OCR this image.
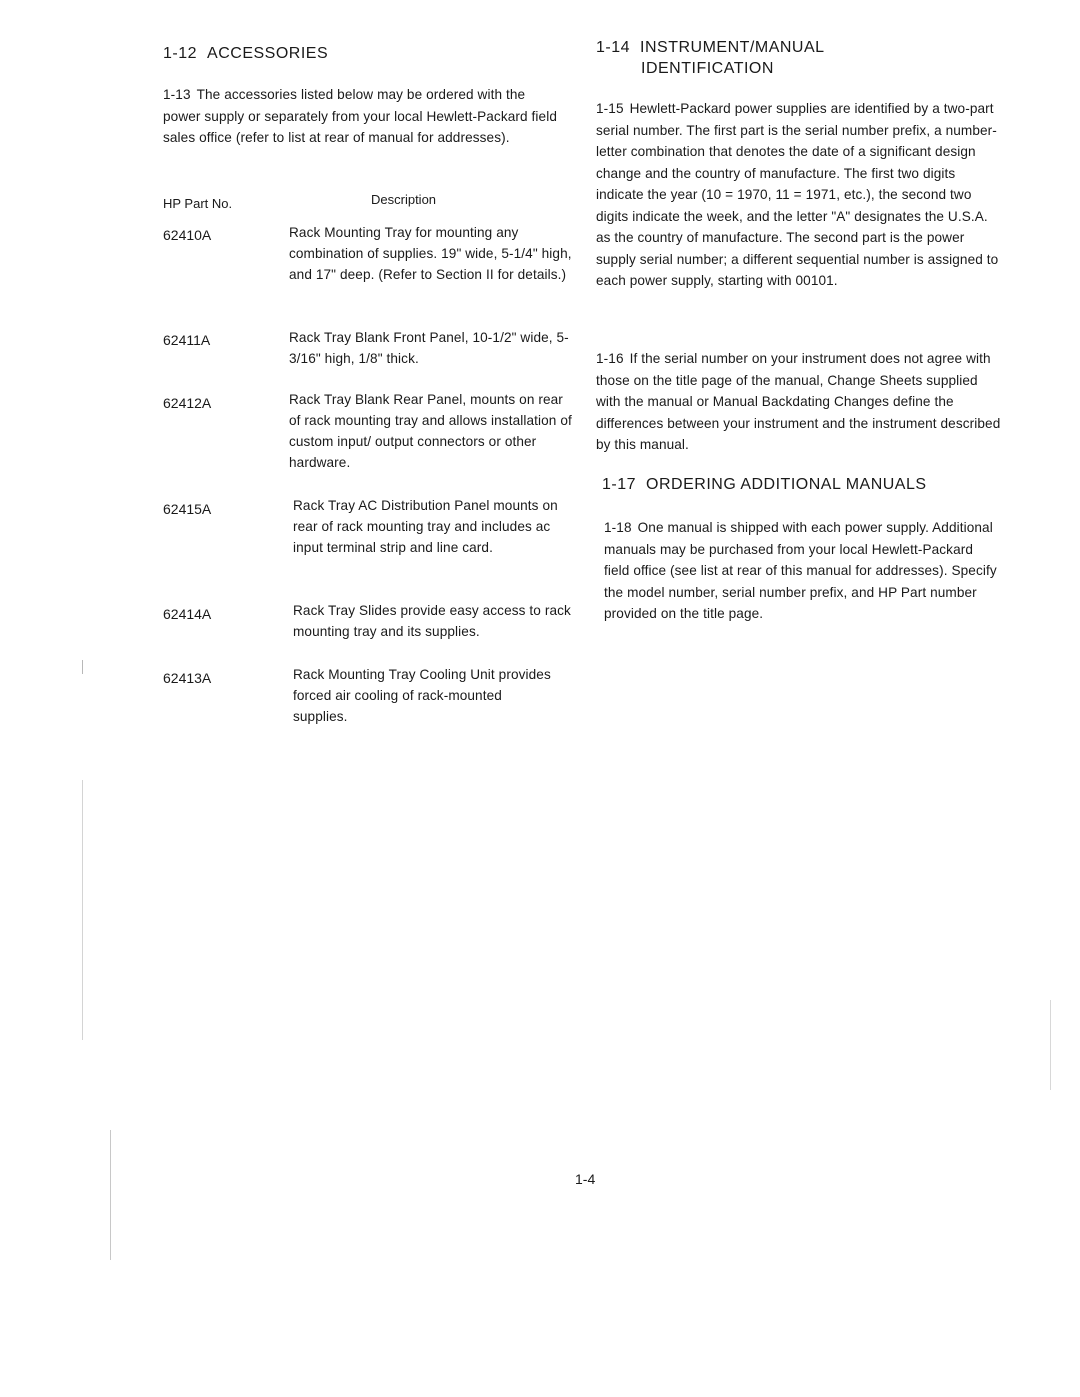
1-12 ACCESSORIES
1-13 The accessories listed below may be ordered with the power supply or separately from your local Hewlett-Packard field sales office (refer to list at rear of manual for addresses).
HP Part No.	Description
62410A	Rack Mounting Tray for mounting any combination of supplies. 19" wide, 5-1/4" high, and 17" deep. (Refer to Section II for details.)
62411A	Rack Tray Blank Front Panel, 10-1/2" wide, 5-3/16" high, 1/8" thick.
62412A	Rack Tray Blank Rear Panel, mounts on rear of rack mounting tray and allows installation of custom input/ output connectors or other hardware.
62415A	Rack Tray AC Distribution Panel mounts on rear of rack mounting tray and includes ac input terminal strip and line card.
62414A	Rack Tray Slides provide easy access to rack mounting tray and its supplies.
62413A	Rack Mounting Tray Cooling Unit provides forced air cooling of rack-mounted supplies.
1-14 INSTRUMENT/MANUAL
IDENTIFICATION
1-15 Hewlett-Packard power supplies are identified by a two-part serial number. The first part is the serial number prefix, a number-letter combination that denotes the date of a significant design change and the country of manufacture. The first two digits indicate the year (10 = 1970, 11 = 1971, etc.), the second two digits indicate the week, and the letter "A" designates the U.S.A. as the country of manufacture. The second part is the power supply serial number; a different sequential number is assigned to each power supply, starting with 00101.
1-16 If the serial number on your instrument does not agree with those on the title page of the manual, Change Sheets supplied with the manual or Manual Backdating Changes define the differences between your instrument and the instrument described by this manual.
1-17 ORDERING ADDITIONAL MANUALS
1-18 One manual is shipped with each power supply. Additional manuals may be purchased from your local Hewlett-Packard field office (see list at rear of this manual for addresses). Specify the model number, serial number prefix, and HP Part number provided on the title page.
1-4
